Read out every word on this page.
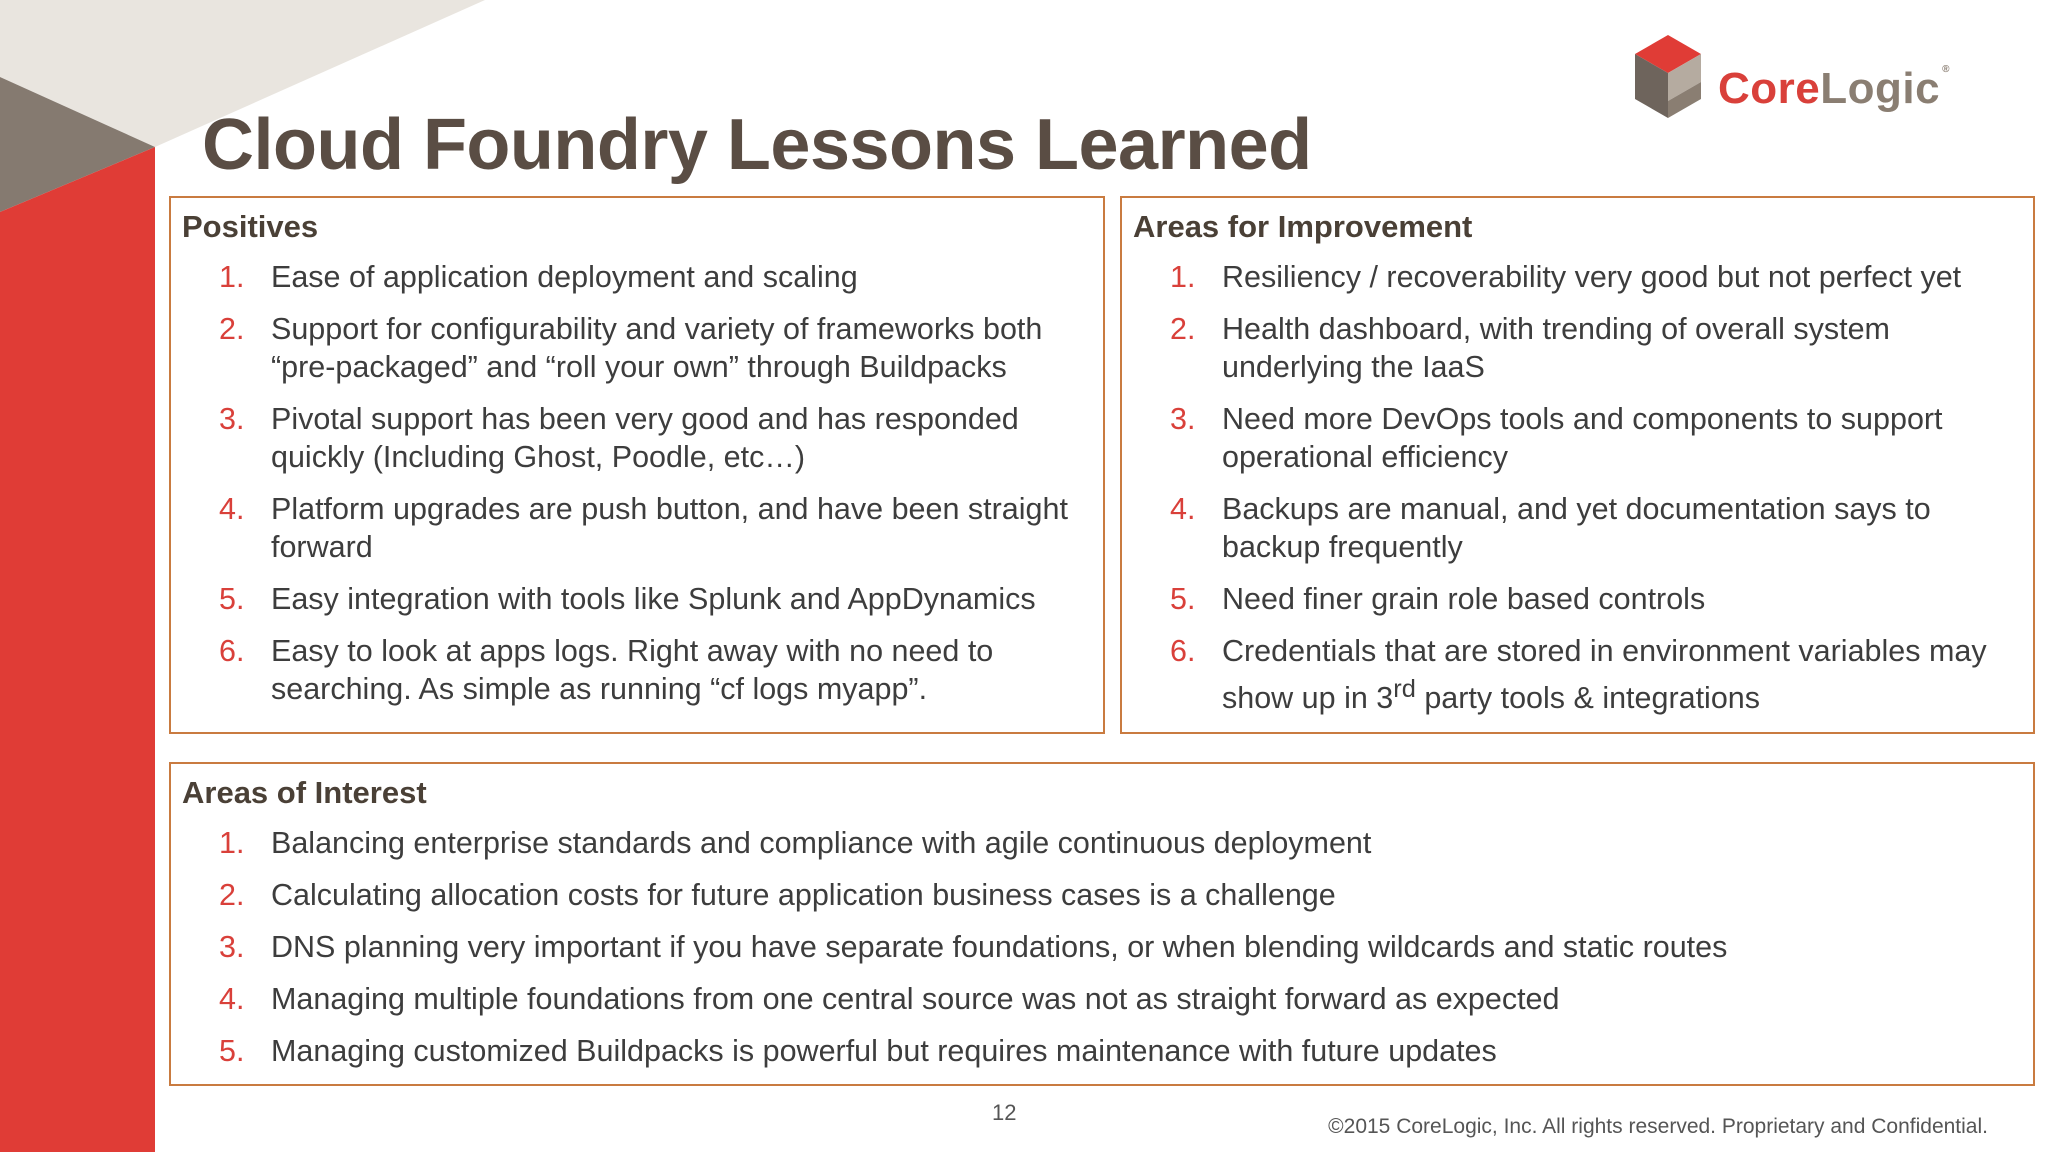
CoreLogic ®
Cloud Foundry Lessons Learned
Positives
1. Ease of application deployment and scaling
2. Support for configurability and variety of frameworks both “pre-packaged” and “roll your own” through Buildpacks
3. Pivotal support has been very good and has responded quickly (Including Ghost, Poodle, etc…)
4. Platform upgrades are push button, and have been straight forward
5. Easy integration with tools like Splunk and AppDynamics
6. Easy to look at apps logs. Right away with no need to searching. As simple as running “cf logs myapp”.
Areas for Improvement
1. Resiliency / recoverability very good but not perfect yet
2. Health dashboard, with trending of overall system underlying the IaaS
3. Need more DevOps tools and components to support operational efficiency
4. Backups are manual, and yet documentation says to backup frequently
5. Need finer grain role based controls
6. Credentials that are stored in environment variables may show up in 3rd party tools & integrations
Areas of Interest
1. Balancing enterprise standards and compliance with agile continuous deployment
2. Calculating allocation costs for future application business cases is a challenge
3. DNS planning very important if you have separate foundations, or when blending wildcards and static routes
4. Managing multiple foundations from one central source was not as straight forward as expected
5. Managing customized Buildpacks is powerful but requires maintenance with future updates
12
©2015 CoreLogic, Inc. All rights reserved. Proprietary and Confidential.
